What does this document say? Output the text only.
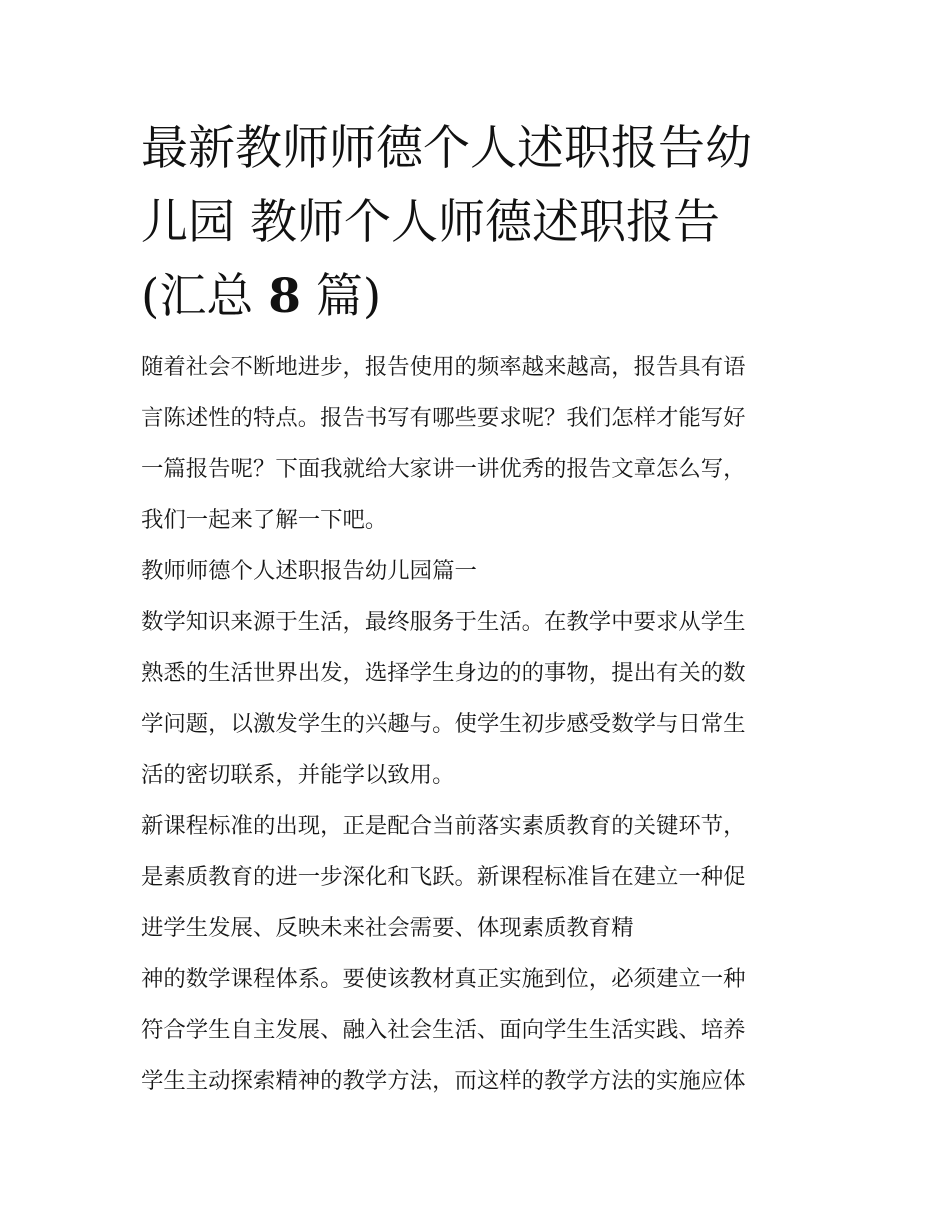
最新教师师德个人述职报告幼
儿园 教师个人师德述职报告
(汇总 8 篇)

随着社会不断地进步，报告使用的频率越来越高，报告具有语
言陈述性的特点。报告书写有哪些要求呢？我们怎样才能写好
一篇报告呢？下面我就给大家讲一讲优秀的报告文章怎么写，
我们一起来了解一下吧。

教师师德个人述职报告幼儿园篇一

数学知识来源于生活，最终服务于生活。在教学中要求从学生
熟悉的生活世界出发，选择学生身边的的事物，提出有关的数
学问题，以激发学生的兴趣与。使学生初步感受数学与日常生
活的密切联系，并能学以致用。

新课程标准的出现，正是配合当前落实素质教育的关键环节，
是素质教育的进一步深化和飞跃。新课程标准旨在建立一种促
进学生发展、反映未来社会需要、体现素质教育精
神的数学课程体系。要使该教材真正实施到位，必须建立一种
符合学生自主发展、融入社会生活、面向学生生活实践、培养
学生主动探索精神的教学方法，而这样的教学方法的实施应体
